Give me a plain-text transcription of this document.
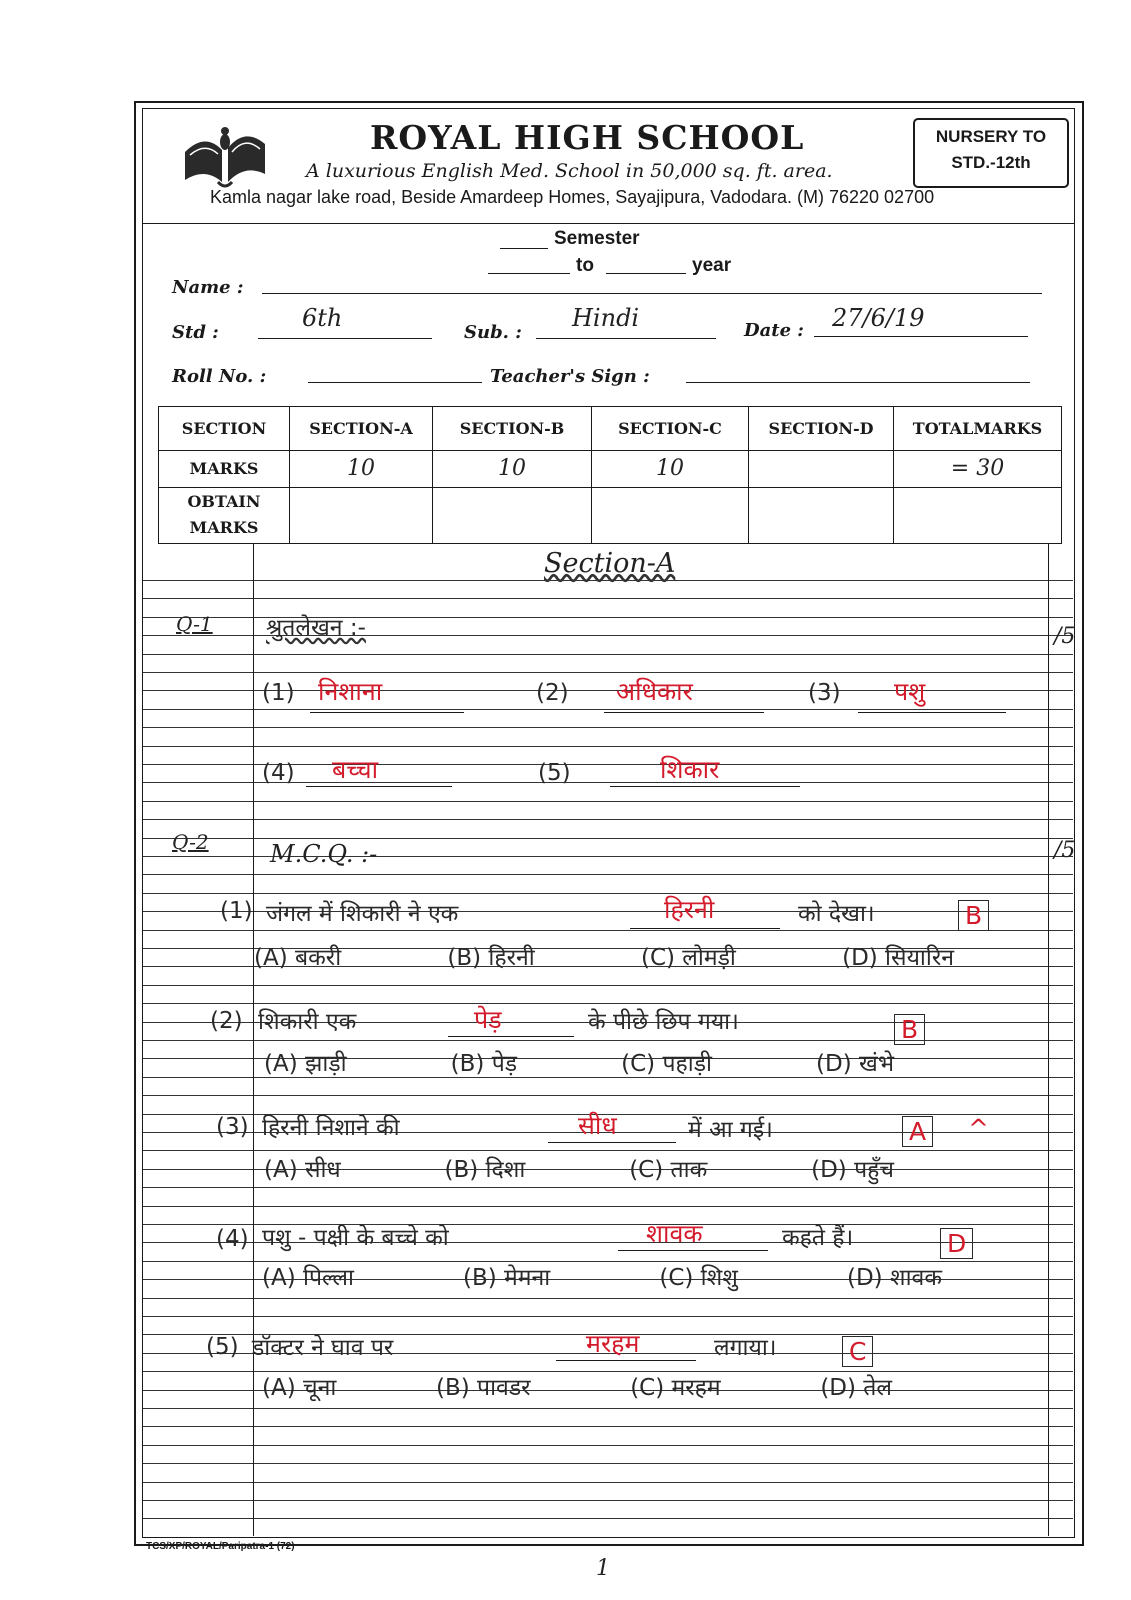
ROYAL HIGH SCHOOL
A luxurious English Med. School in 50,000 sq. ft. area.
Kamla nagar lake road, Beside Amardeep Homes, Sayajipura, Vadodara. (M) 76220 02700
NURSERY TO
STD.-12th
Semester
to	year
Name :
Std :
6th
Sub. :
Hindi	Date : 27/6/19
Roll No. :	Teacher's Sign :
SECTION	SECTION-A	SECTION-B	SECTION-C	SECTION-D	TOTALMARKS
MARKS	10	10	10		= 30

OBTAIN
MARKS					

Section-A
Q-1 श्रुतलेखन :-	/5
(1) निशाना	(2) अधिकार	(3) पशु
(4) बच्चा	(5)	शिकार
Q-2	M.C.Q. :-	/5
(1) जंगल में शिकारी ने एक	हिरनी	को देखा।	B
(A) बकरी	(B) हिरनी	(C) लोमड़ी	(D) सियारिन
(2) शिकारी एक	पेड़	के पीछे छिप गया।	B
(A) झाड़ी	(B) पेड़	(C) पहाड़ी	(D) खंभे
(3) हिरनी निशाने की	सीध	में आ गई।	A ^
(A) सीध	(B) दिशा	(C) ताक	(D) पहुँच
(4) पशु - पक्षी के बच्चे को	शावक	कहते हैं।	D
(A) पिल्ला	(B) मेमना	(C) शिशु	(D) शावक
(5) डॉक्टर ने घाव पर	मरहम	लगाया।	C
(A) चूना	(B) पावडर	(C) मरहम	(D) तेल
TCS/XP/ROYAL/Paripatra-1 (72)
1
